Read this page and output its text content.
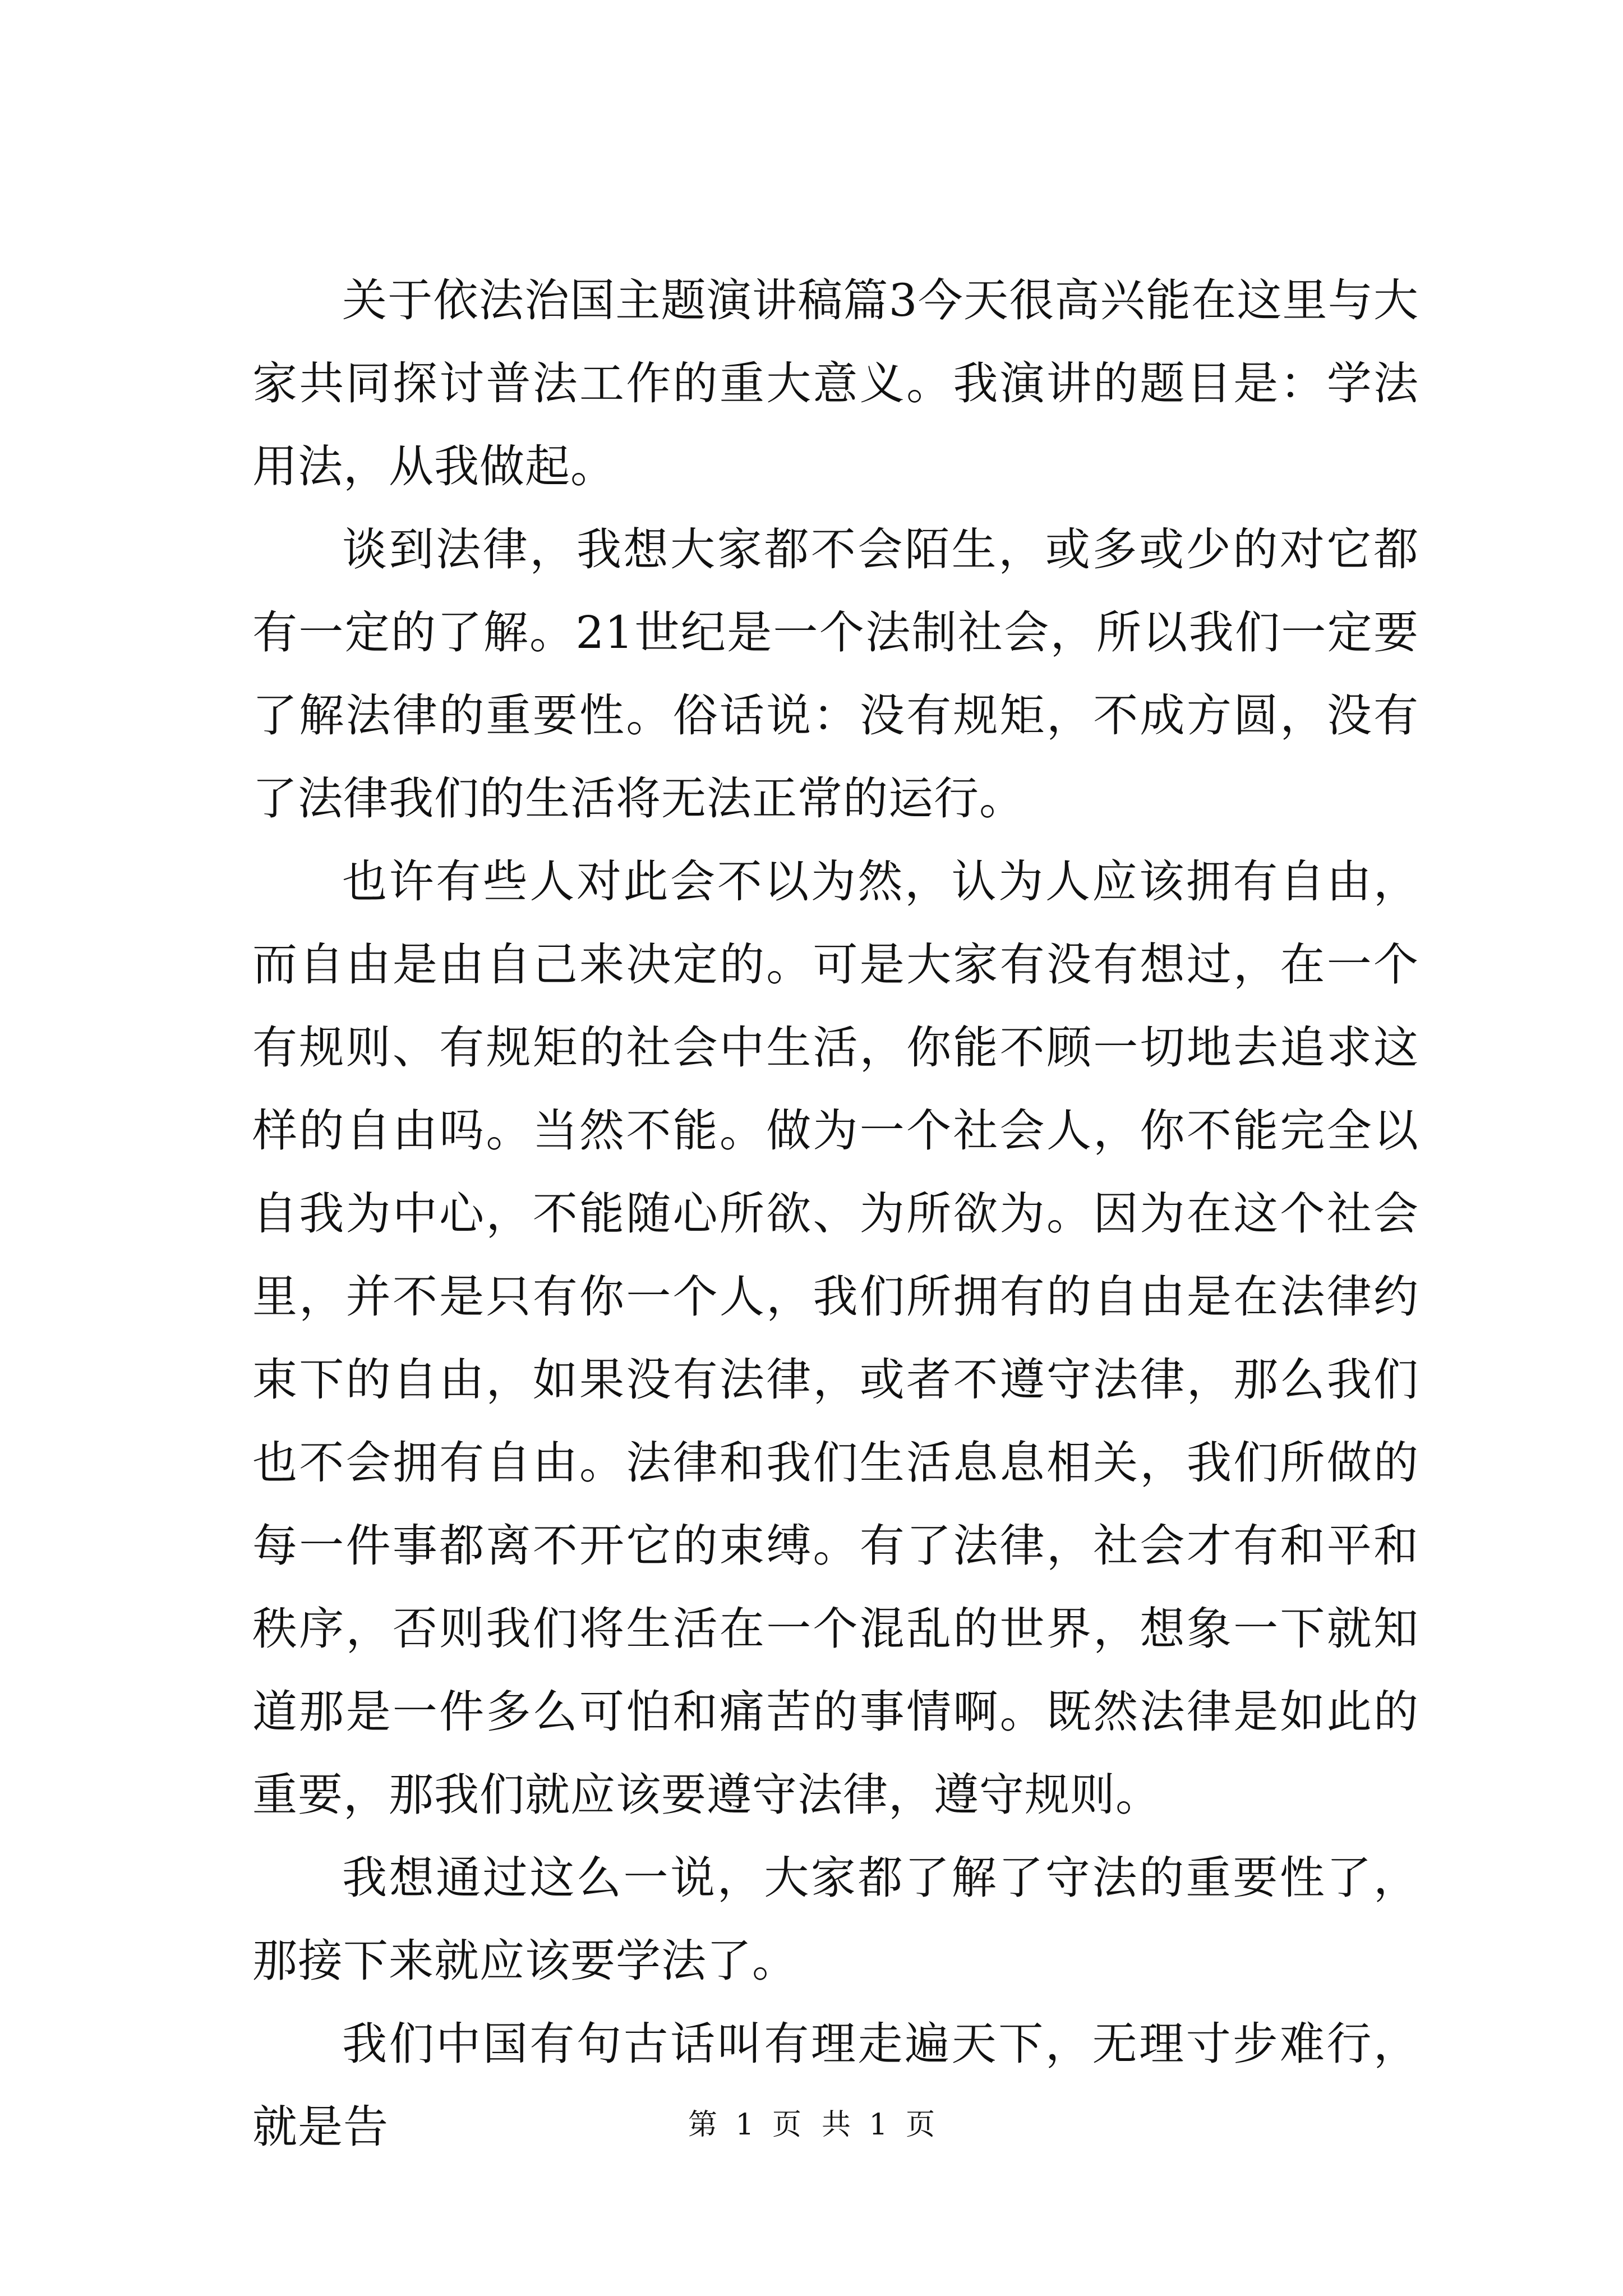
关于依法治国主题演讲稿篇3今天很高兴能在这里与大家共同探讨普法工作的重大意义。我演讲的题目是：学法用法，从我做起。

谈到法律，我想大家都不会陌生，或多或少的对它都有一定的了解。21世纪是一个法制社会，所以我们一定要了解法律的重要性。俗话说：没有规矩，不成方圆，没有了法律我们的生活将无法正常的运行。

也许有些人对此会不以为然，认为人应该拥有自由，而自由是由自己来决定的。可是大家有没有想过，在一个有规则、有规矩的社会中生活，你能不顾一切地去追求这样的自由吗。当然不能。做为一个社会人，你不能完全以自我为中心，不能随心所欲、为所欲为。因为在这个社会里，并不是只有你一个人，我们所拥有的自由是在法律约束下的自由，如果没有法律，或者不遵守法律，那么我们也不会拥有自由。法律和我们生活息息相关，我们所做的每一件事都离不开它的束缚。有了法律，社会才有和平和秩序，否则我们将生活在一个混乱的世界，想象一下就知道那是一件多么可怕和痛苦的事情啊。既然法律是如此的重要，那我们就应该要遵守法律，遵守规则。

我想通过这么一说，大家都了解了守法的重要性了，那接下来就应该要学法了。

我们中国有句古话叫有理走遍天下，无理寸步难行，就是告	第 1 页 共 1 页
